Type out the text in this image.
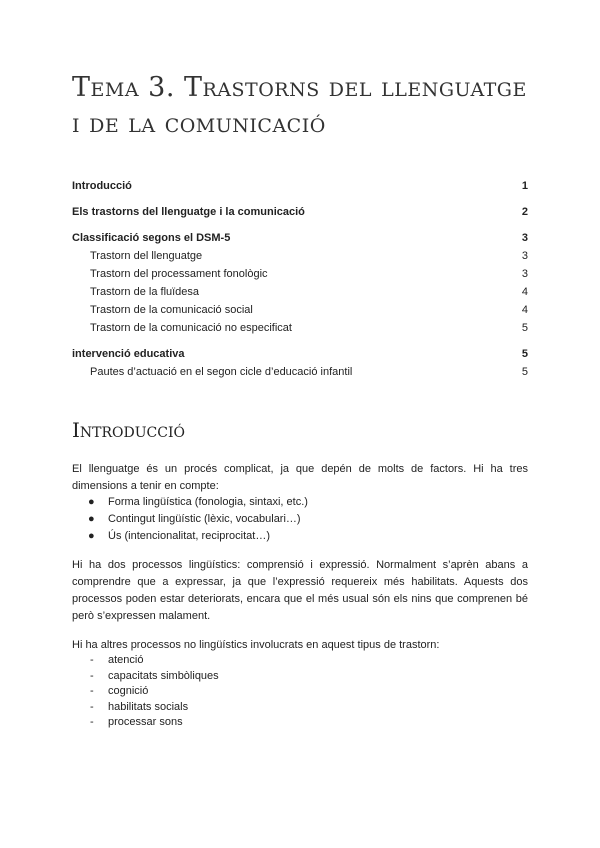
Tema 3. Trastorns del llenguatge i de la comunicació
Introducció	1
Els trastorns del llenguatge i la comunicació	2
Classificació segons el DSM-5	3
Trastorn del llenguatge	3
Trastorn del processament fonològic	3
Trastorn de la fluïdesa	4
Trastorn de la comunicació social	4
Trastorn de la comunicació no especificat	5
intervenció educativa	5
Pautes d’actuació en el segon cicle d’educació infantil	5
Introducció

El llenguatge és un procés complicat, ja que depén de molts de factors. Hi ha tres dimensions a tenir en compte:

● Forma lingüística (fonologia, sintaxi, etc.)
● Contingut lingüístic (lèxic, vocabulari…)
● Ús (intencionalitat, reciprocitat…)

Hi ha dos processos lingüístics: comprensió i expressió. Normalment s’aprèn abans a comprendre que a expressar, ja que l’expressió requereix més habilitats. Aquests dos processos poden estar deteriorats, encara que el més usual són els nins que comprenen bé però s’expressen malament.

Hi ha altres processos no lingüístics involucrats en aquest tipus de trastorn:

- atenció
- capacitats simbòliques
- cognició
- habilitats socials
- processar sons
